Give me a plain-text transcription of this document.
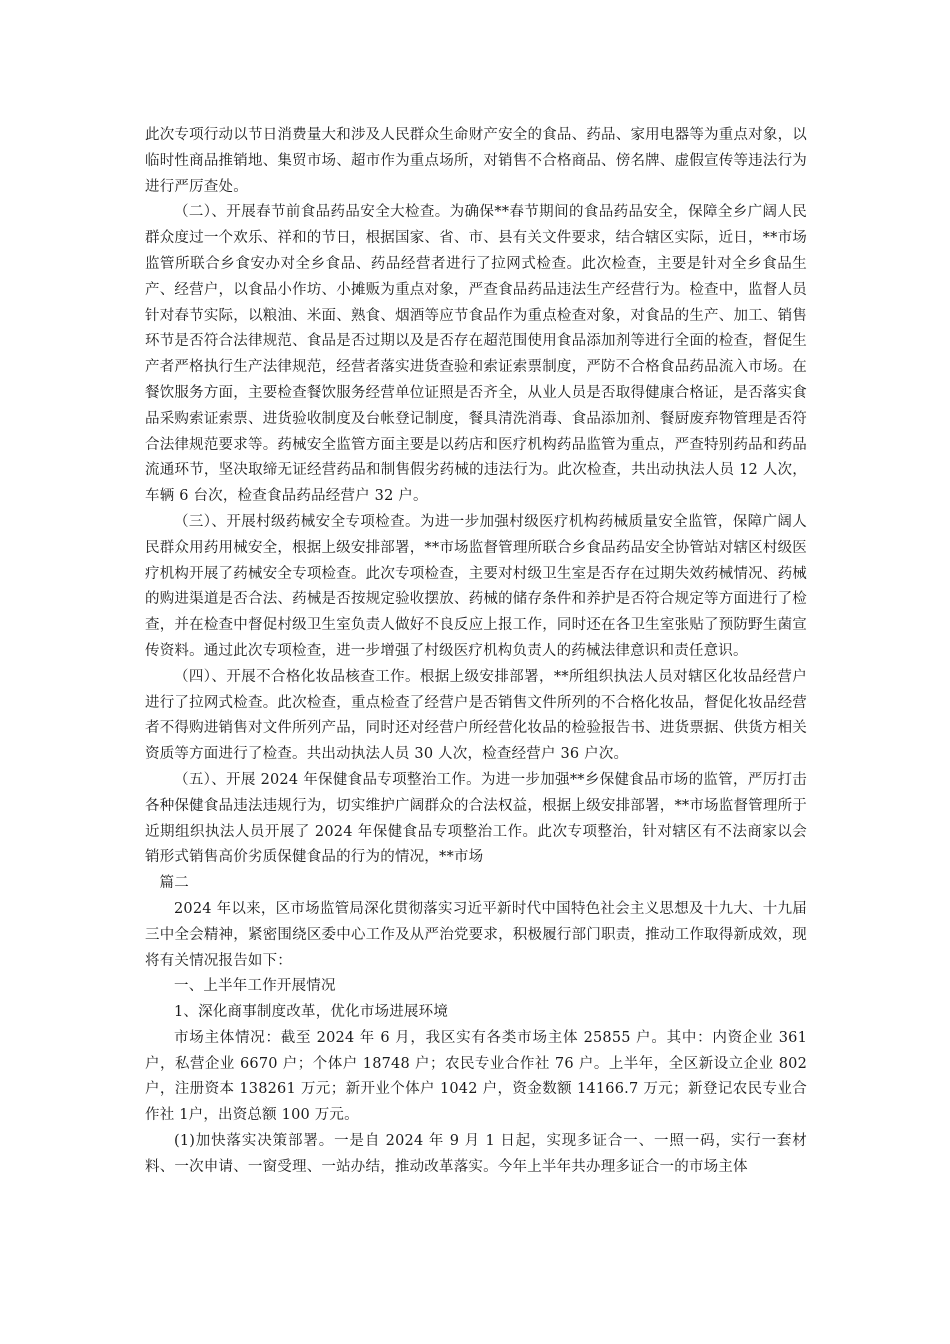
此次专项行动以节日消费量大和涉及人民群众生命财产安全的食品、药品、家用电器等为重点对象，以临时性商品推销地、集贸市场、超市作为重点场所，对销售不合格商品、傍名牌、虚假宣传等违法行为进行严厉查处。

（二）、开展春节前食品药品安全大检查。为确保**春节期间的食品药品安全，保障全乡广阔人民群众度过一个欢乐、祥和的节日，根据国家、省、市、县有关文件要求，结合辖区实际，近日，**市场监管所联合乡食安办对全乡食品、药品经营者进行了拉网式检查。此次检查，主要是针对全乡食品生产、经营户，以食品小作坊、小摊贩为重点对象，严查食品药品违法生产经营行为。检查中，监督人员针对春节实际，以粮油、米面、熟食、烟酒等应节食品作为重点检查对象，对食品的生产、加工、销售环节是否符合法律规范、食品是否过期以及是否存在超范围使用食品添加剂等进行全面的检查，督促生产者严格执行生产法律规范，经营者落实进货查验和索证索票制度，严防不合格食品药品流入市场。在餐饮服务方面，主要检查餐饮服务经营单位证照是否齐全，从业人员是否取得健康合格证，是否落实食品采购索证索票、进货验收制度及台帐登记制度，餐具清洗消毒、食品添加剂、餐厨废弃物管理是否符合法律规范要求等。药械安全监管方面主要是以药店和医疗机构药品监管为重点，严查特别药品和药品流通环节，坚决取缔无证经营药品和制售假劣药械的违法行为。此次检查，共出动执法人员 12 人次，车辆 6 台次，检查食品药品经营户 32 户。

（三）、开展村级药械安全专项检查。为进一步加强村级医疗机构药械质量安全监管，保障广阔人民群众用药用械安全，根据上级安排部署，**市场监督管理所联合乡食品药品安全协管站对辖区村级医疗机构开展了药械安全专项检查。此次专项检查，主要对村级卫生室是否存在过期失效药械情况、药械的购进渠道是否合法、药械是否按规定验收摆放、药械的储存条件和养护是否符合规定等方面进行了检查，并在检查中督促村级卫生室负责人做好不良反应上报工作，同时还在各卫生室张贴了预防野生菌宣传资料。通过此次专项检查，进一步增强了村级医疗机构负责人的药械法律意识和责任意识。

（四）、开展不合格化妆品核查工作。根据上级安排部署，**所组织执法人员对辖区化妆品经营户进行了拉网式检查。此次检查，重点检查了经营户是否销售文件所列的不合格化妆品，督促化妆品经营者不得购进销售对文件所列产品，同时还对经营户所经营化妆品的检验报告书、进货票据、供货方相关资质等方面进行了检查。共出动执法人员 30 人次，检查经营户 36 户次。

（五）、开展 2024 年保健食品专项整治工作。为进一步加强**乡保健食品市场的监管，严厉打击各种保健食品违法违规行为，切实维护广阔群众的合法权益，根据上级安排部署，**市场监督管理所于近期组织执法人员开展了 2024 年保健食品专项整治工作。此次专项整治，针对辖区有不法商家以会销形式销售高价劣质保健食品的行为的情况，**市场

篇二

2024 年以来，区市场监管局深化贯彻落实习近平新时代中国特色社会主义思想及十九大、十九届三中全会精神，紧密围绕区委中心工作及从严治党要求，积极履行部门职责，推动工作取得新成效，现将有关情况报告如下：

一、上半年工作开展情况

1、深化商事制度改革，优化市场进展环境

市场主体情况：截至 2024 年 6 月，我区实有各类市场主体 25855 户。其中：内资企业 361 户，私营企业 6670 户；个体户 18748 户；农民专业合作社 76 户。上半年，全区新设立企业 802 户，注册资本 138261 万元；新开业个体户 1042 户，资金数额 14166.7 万元；新登记农民专业合作社 1户，出资总额 100 万元。

(1)加快落实决策部署。一是自 2024 年 9 月 1 日起，实现多证合一、一照一码，实行一套材料、一次申请、一窗受理、一站办结，推动改革落实。今年上半年共办理多证合一的市场主体
